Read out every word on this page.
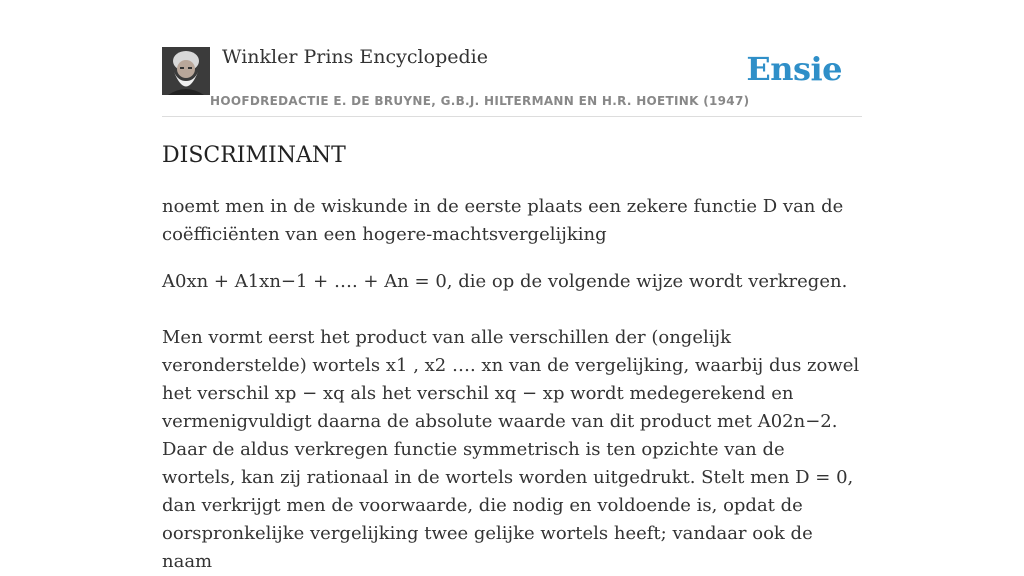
Winkler Prins Encyclopedie
HOOFDREDACTIE E. DE BRUYNE, G.B.J. HILTERMANN EN H.R. HOETINK (1947)
Ensie
DISCRIMINANT

noemt men in de wiskunde in de eerste plaats een zekere functie D van de coëfficiënten van een hogere-machtsvergelijking

A0xn + A1xn−1 + …. + An = 0, die op de volgende wijze wordt verkregen.

Men vormt eerst het product van alle verschillen der (ongelijk veronderstelde) wortels x1 , x2 …. xn van de vergelijking, waarbij dus zowel het verschil xp − xq als het verschil xq − xp wordt medegerekend en vermenigvuldigt daarna de absolute waarde van dit product met A02n−2. Daar de aldus verkregen functie symmetrisch is ten opzichte van de wortels, kan zij rationaal in de wortels worden uitgedrukt. Stelt men D = 0, dan verkrijgt men de voorwaarde, die nodig en voldoende is, opdat de oorspronkelijke vergelijking twee gelijke wortels heeft; vandaar ook de naam
